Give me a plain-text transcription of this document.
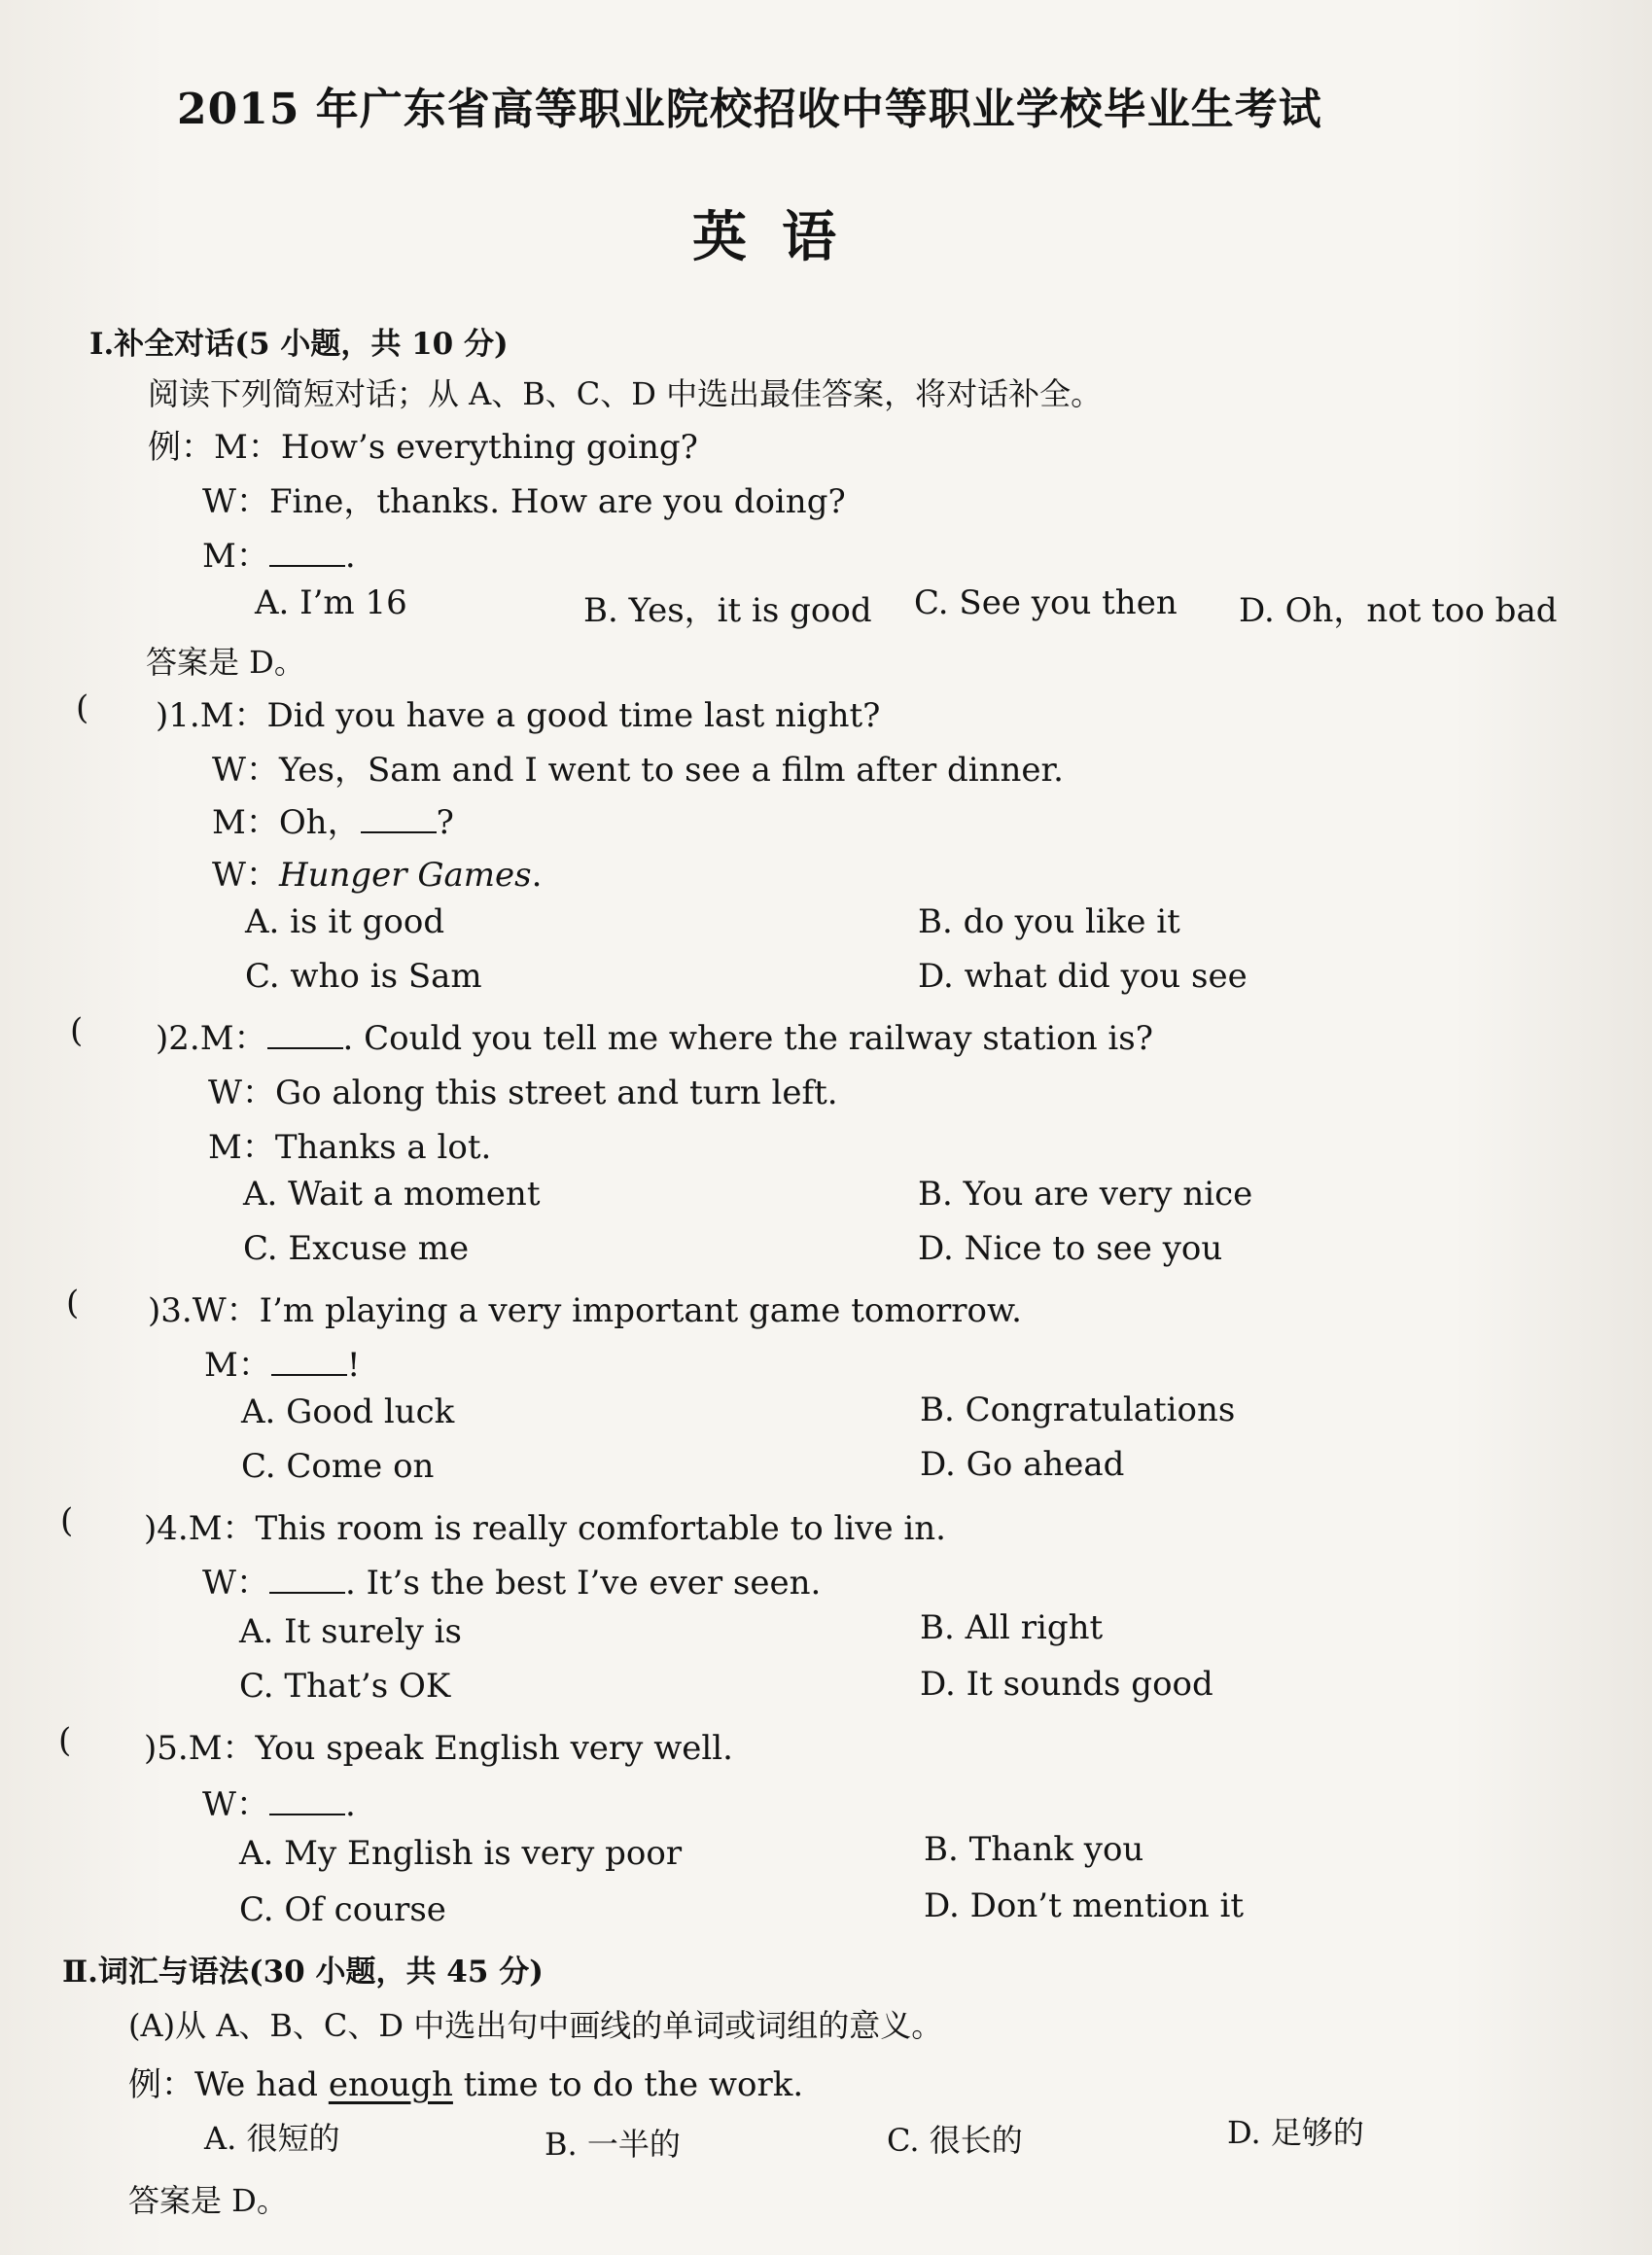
2015 年广东省高等职业院校招收中等职业学校毕业生考试
英语
Ⅰ.补全对话(5 小题，共 10 分)
阅读下列简短对话；从 A、B、C、D 中选出最佳答案，将对话补全。
例：M：How’s everything going?
W：Fine，thanks. How are you doing?
M： .
A. I’m 16	B. Yes，it is good C. See you then D. Oh，not too bad
答案是 D。
( )1.M：Did you have a good time last night?
W：Yes，Sam and I went to see a film after dinner.
M：Oh， ?
W：Hunger Games.
A. is it good	B. do you like it
C. who is Sam	D. what did you see
( )2.M： . Could you tell me where the railway station is?
W：Go along this street and turn left.
M：Thanks a lot.
A. Wait a moment	B. You are very nice
C. Excuse me	D. Nice to see you
( )3.W：I’m playing a very important game tomorrow.
M： !
A. Good luck	B. Congratulations
C. Come on	D. Go ahead
( )4.M：This room is really comfortable to live in.
W： . It’s the best I’ve ever seen.
A. It surely is	B. All right
C. That’s OK	D. It sounds good
( )5.M：You speak English very well.
W： .
A. My English is very poor	B. Thank you
C. Of course	D. Don’t mention it
Ⅱ.词汇与语法(30 小题，共 45 分)
(A)从 A、B、C、D 中选出句中画线的单词或词组的意义。
例：We had enough time to do the work.
A. 很短的	B. 一半的	C. 很长的	D. 足够的
答案是 D。
